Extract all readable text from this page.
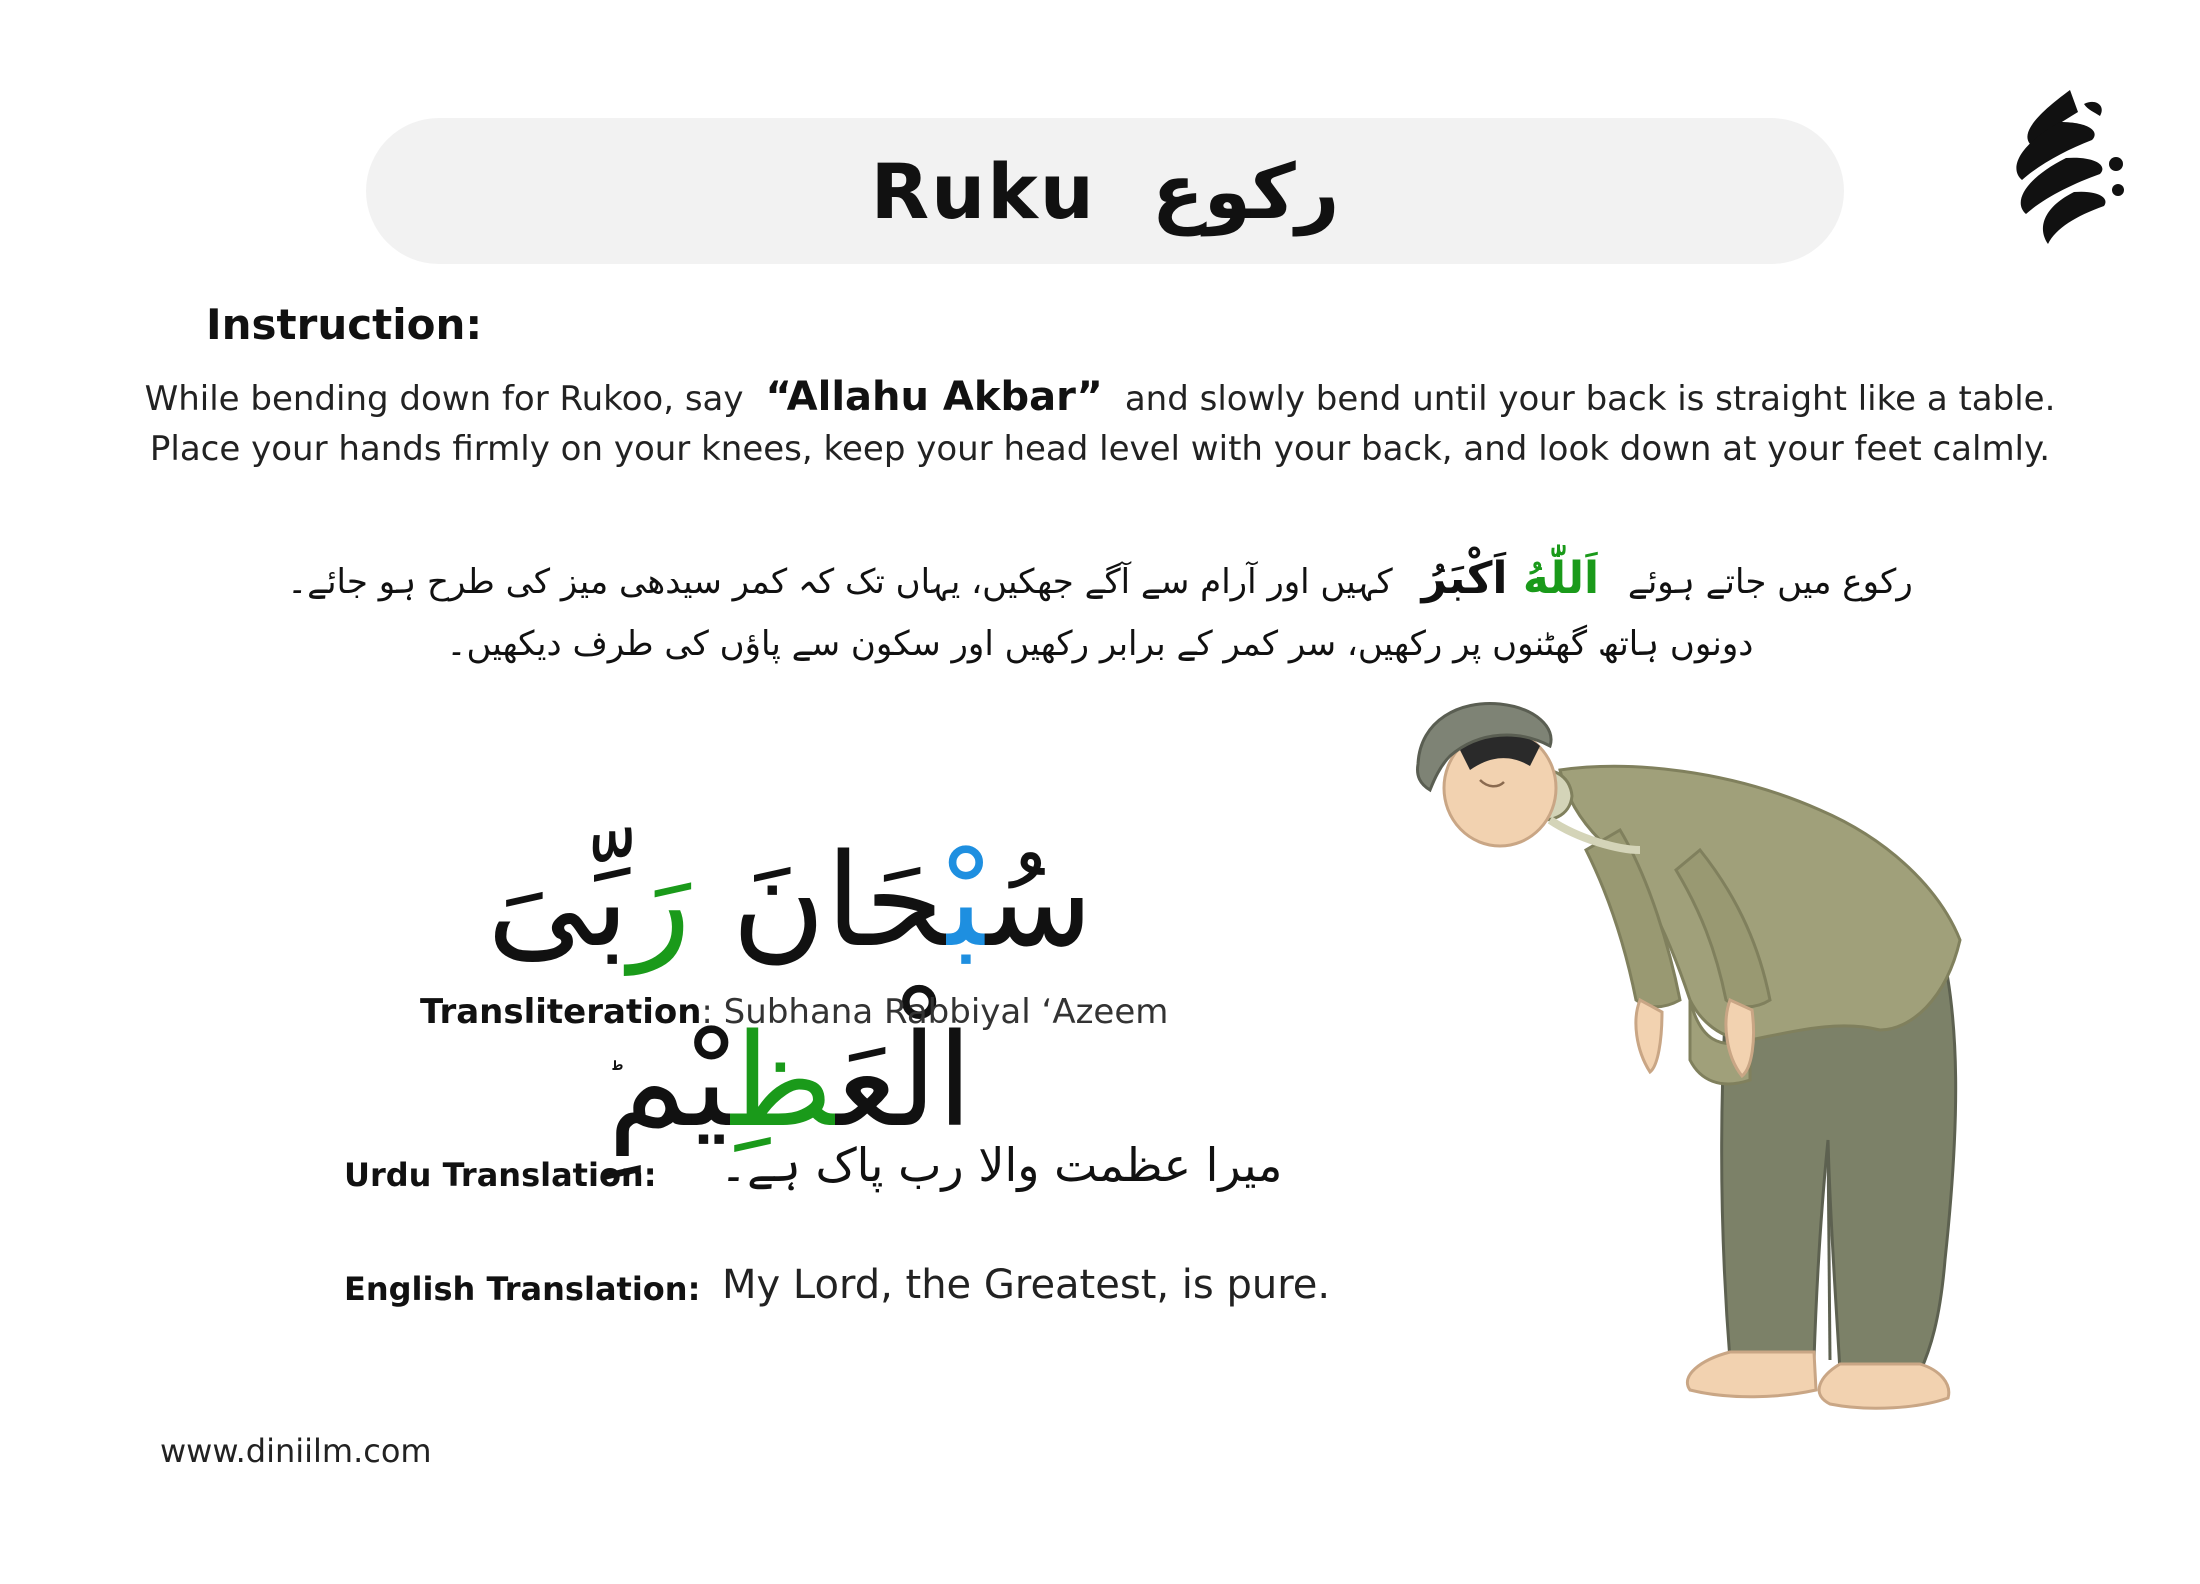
Ruku رکوع
Instruction:
While bending down for Rukoo, say “Allahu Akbar” and slowly bend until your back is straight like a table. Place your hands firmly on your knees, keep your head level with your back, and look down at your feet calmly.
رکوع میں جاتے ہوئے اَللّٰهُ اَكْبَرُ کہیں اور آرام سے آگے جھکیں، یہاں تک کہ کمر سیدھی میز کی طرح ہو جائے۔
دونوں ہاتھ گھٹنوں پر رکھیں، سر کمر کے برابر رکھیں اور سکون سے پاؤں کی طرف دیکھیں۔
سُبْحَانَ رَبِّیَ الْعَظِیْمِ
Transliteration: Subhana Rabbiyal ‘Azeem
Urdu Translation: میرا عظمت والا رب پاک ہے۔
English Translation: My Lord, the Greatest, is pure.
www.diniilm.com
